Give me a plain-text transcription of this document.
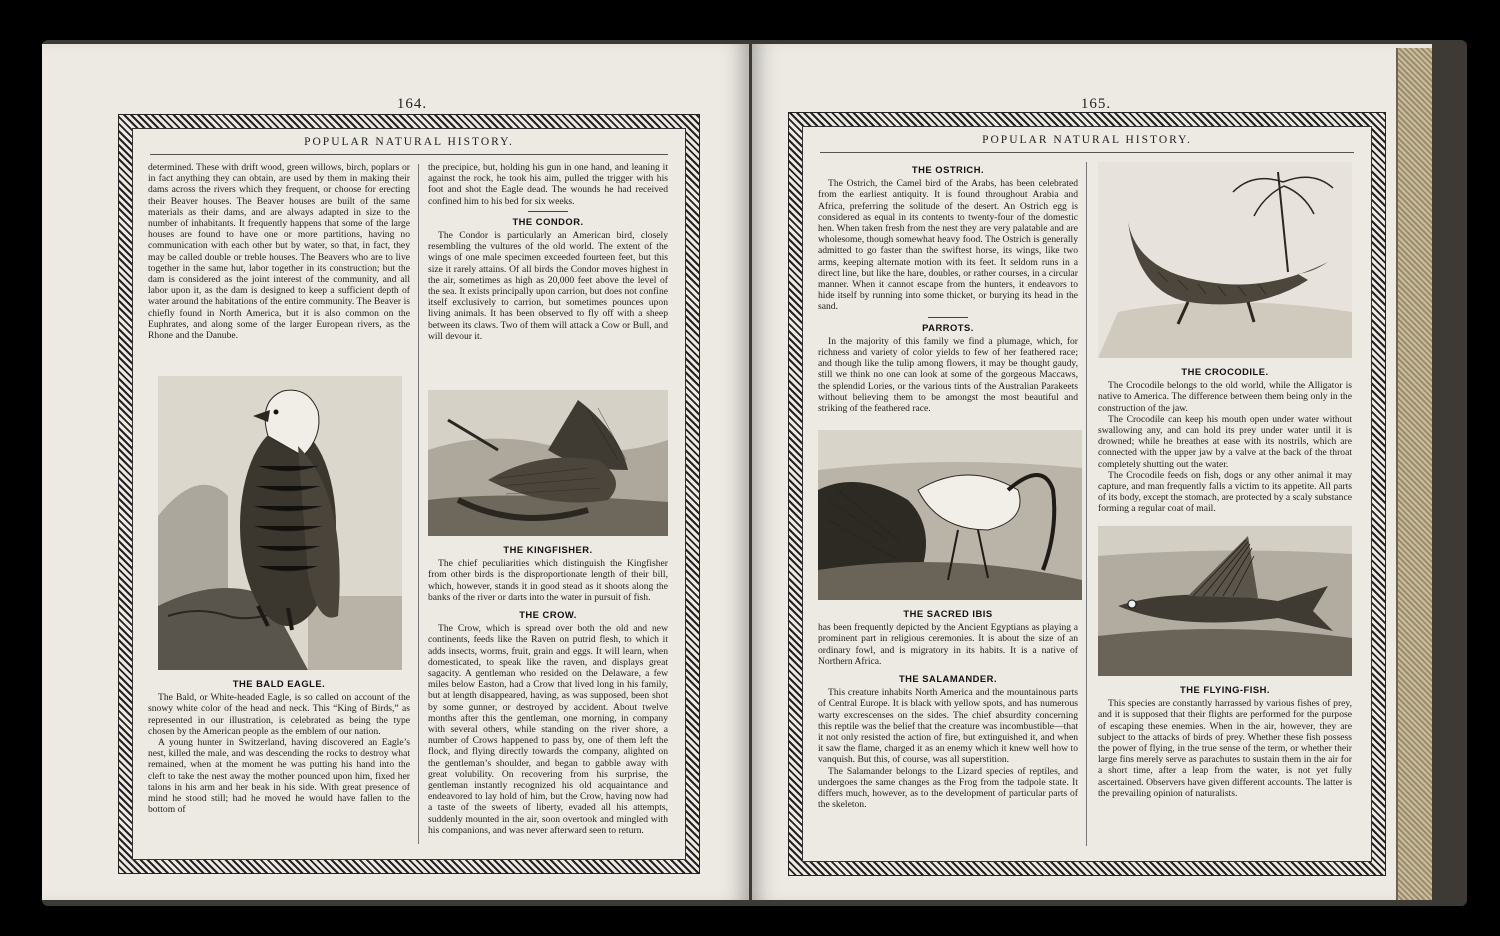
164.
POPULAR NATURAL HISTORY.

determined. These with drift wood, green willows, birch, poplars or in fact anything they can obtain, are used by them in making their dams across the rivers which they frequent, or choose for erecting their Beaver houses. The Beaver houses are built of the same materials as their dams, and are always adapted in size to the number of inhabitants. It frequently happens that some of the large houses are found to have one or more partitions, having no communication with each other but by water, so that, in fact, they may be called double or treble houses. The Beavers who are to live together in the same hut, labor together in its construction; but the dam is considered as the joint interest of the community, and all labor upon it, as the dam is designed to keep a sufficient depth of water around the habitations of the entire community. The Beaver is chiefly found in North America, but it is also common on the Euphrates, and along some of the larger European rivers, as the Rhone and the Danube.

THE BALD EAGLE.

The Bald, or White-headed Eagle, is so called on account of the snowy white color of the head and neck. This “King of Birds,” as represented in our illustration, is celebrated as being the type chosen by the American people as the emblem of our nation.

A young hunter in Switzerland, having discovered an Eagle’s nest, killed the male, and was descending the rocks to destroy what remained, when at the moment he was putting his hand into the cleft to take the nest away the mother pounced upon him, fixed her talons in his arm and her beak in his side. With great presence of mind he stood still; had he moved he would have fallen to the bottom of

the precipice, but, holding his gun in one hand, and leaning it against the rock, he took his aim, pulled the trigger with his foot and shot the Eagle dead. The wounds he had received confined him to his bed for six weeks.

THE CONDOR.

The Condor is particularly an American bird, closely resembling the vultures of the old world. The extent of the wings of one male specimen exceeded fourteen feet, but this size it rarely attains. Of all birds the Condor moves highest in the air, sometimes as high as 20,000 feet above the level of the sea. It exists principally upon carrion, but does not confine itself exclusively to carrion, but sometimes pounces upon living animals. It has been observed to fly off with a sheep between its claws. Two of them will attack a Cow or Bull, and will devour it.

THE KINGFISHER.

The chief peculiarities which distinguish the Kingfisher from other birds is the disproportionate length of their bill, which, however, stands it in good stead as it shoots along the banks of the river or darts into the water in pursuit of fish.

THE CROW.

The Crow, which is spread over both the old and new continents, feeds like the Raven on putrid flesh, to which it adds insects, worms, fruit, grain and eggs. It will learn, when domesticated, to speak like the raven, and displays great sagacity. A gentleman who resided on the Delaware, a few miles below Easton, had a Crow that lived long in his family, but at length disappeared, having, as was supposed, been shot by some gunner, or destroyed by accident. About twelve months after this the gentleman, one morning, in company with several others, while standing on the river shore, a number of Crows happened to pass by, one of them left the flock, and flying directly towards the company, alighted on the gentleman’s shoulder, and began to gabble away with great volubility. On recovering from his surprise, the gentleman instantly recognized his old acquaintance and endeavored to lay hold of him, but the Crow, having now had a taste of the sweets of liberty, evaded all his attempts, suddenly mounted in the air, soon overtook and mingled with his companions, and was never afterward seen to return.

165.
POPULAR NATURAL HISTORY.
THE OSTRICH.

The Ostrich, the Camel bird of the Arabs, has been celebrated from the earliest antiquity. It is found throughout Arabia and Africa, preferring the solitude of the desert. An Ostrich egg is considered as equal in its contents to twenty-four of the domestic hen. When taken fresh from the nest they are very palatable and are wholesome, though somewhat heavy food. The Ostrich is generally admitted to go faster than the swiftest horse, its wings, like two arms, keeping alternate motion with its feet. It seldom runs in a direct line, but like the hare, doubles, or rather courses, in a circular manner. When it cannot escape from the hunters, it endeavors to hide itself by running into some thicket, or burying its head in the sand.

PARROTS.

In the majority of this family we find a plumage, which, for richness and variety of color yields to few of her feathered race; and though like the tulip among flowers, it may be thought gaudy, still we think no one can look at some of the gorgeous Maccaws, the splendid Lories, or the various tints of the Australian Parakeets without believing them to be amongst the most beautiful and striking of the feathered race.

THE SACRED IBIS

has been frequently depicted by the Ancient Egyptians as playing a prominent part in religious ceremonies. It is about the size of an ordinary fowl, and is migratory in its habits. It is a native of Northern Africa.

THE SALAMANDER.

This creature inhabits North America and the mountainous parts of Central Europe. It is black with yellow spots, and has numerous warty excrescenses on the sides. The chief absurdity concerning this reptile was the belief that the creature was incombustible—that it not only resisted the action of fire, but extinguished it, and when it saw the flame, charged it as an enemy which it knew well how to vanquish. But this, of course, was all superstition.

The Salamander belongs to the Lizard species of reptiles, and undergoes the same changes as the Frog from the tadpole state. It differs much, however, as to the development of particular parts of the skeleton.

THE CROCODILE.

The Crocodile belongs to the old world, while the Alligator is native to America. The difference between them being only in the construction of the jaw.

The Crocodile can keep his mouth open under water without swallowing any, and can hold its prey under water until it is drowned; while he breathes at ease with its nostrils, which are connected with the upper jaw by a valve at the back of the throat completely shutting out the water.

The Crocodile feeds on fish, dogs or any other animal it may capture, and man frequently falls a victim to its appetite. All parts of its body, except the stomach, are protected by a scaly substance forming a regular coat of mail.

THE FLYING-FISH.

This species are constantly harrassed by various fishes of prey, and it is supposed that their flights are performed for the purpose of escaping these enemies. When in the air, however, they are subject to the attacks of birds of prey. Whether these fish possess the power of flying, in the true sense of the term, or whether their large fins merely serve as parachutes to sustain them in the air for a short time, after a leap from the water, is not yet fully ascertained. Observers have given different accounts. The latter is the prevailing opinion of naturalists.
